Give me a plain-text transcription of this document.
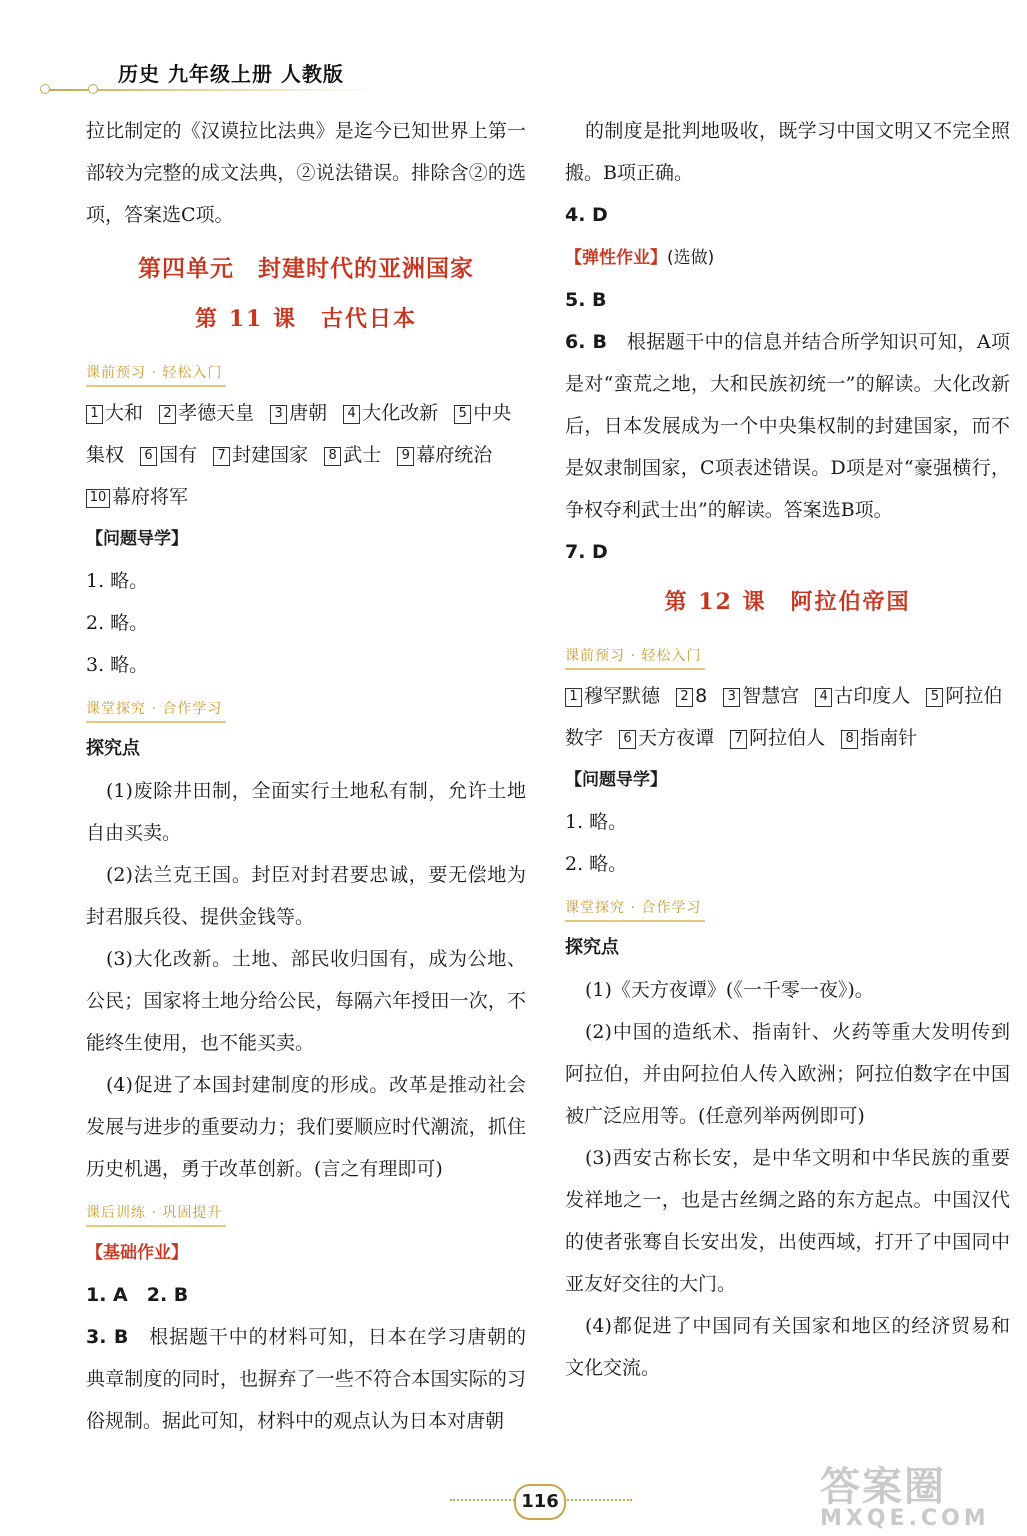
历史 九年级上册 人教版

拉比制定的《汉谟拉比法典》是迄今已知世界上第一部较为完整的成文法典，②说法错误。排除含②的选项，答案选C项。

第四单元　封建时代的亚洲国家
第 11 课　古代日本
课前预习 · 轻松入门
1 大和 2 孝德天皇 3 唐朝 4 大化改新 5 中央集权 6 国有 7 封建国家 8 武士 9 幕府统治 10 幕府将军
【问题导学】

1. 略。

2. 略。

3. 略。

课堂探究 · 合作学习
探究点

(1)废除井田制，全面实行土地私有制，允许土地自由买卖。

(2)法兰克王国。封臣对封君要忠诚，要无偿地为封君服兵役、提供金钱等。

(3)大化改新。土地、部民收归国有，成为公地、公民；国家将土地分给公民，每隔六年授田一次，不能终生使用，也不能买卖。

(4)促进了本国封建制度的形成。改革是推动社会发展与进步的重要动力；我们要顺应时代潮流，抓住历史机遇，勇于改革创新。(言之有理即可)

课后训练 · 巩固提升
【基础作业】

1. A　2. B

3. B　 根据题干中的材料可知，日本在学习唐朝的典章制度的同时，也摒弃了一些不符合本国实际的习俗规制。据此可知，材料中的观点认为日本对唐朝

的制度是批判地吸收，既学习中国文明又不完全照搬。B项正确。

4. D

【弹性作业】(选做)

5. B

6. B　 根据题干中的信息并结合所学知识可知，A项是对“蛮荒之地，大和民族初统一”的解读。大化改新后，日本发展成为一个中央集权制的封建国家，而不是奴隶制国家，C项表述错误。D项是对“豪强横行，争权夺利武士出”的解读。答案选B项。

7. D

第 12 课　阿拉伯帝国
课前预习 · 轻松入门
1 穆罕默德 2 8 3 智慧宫 4 古印度人 5 阿拉伯数字 6 天方夜谭 7 阿拉伯人 8 指南针
【问题导学】

1. 略。

2. 略。

课堂探究 · 合作学习
探究点

(1)《天方夜谭》(《一千零一夜》)。

(2)中国的造纸术、指南针、火药等重大发明传到阿拉伯，并由阿拉伯人传入欧洲；阿拉伯数字在中国被广泛应用等。(任意列举两例即可)

(3)西安古称长安，是中华文明和中华民族的重要发祥地之一，也是古丝绸之路的东方起点。中国汉代的使者张骞自长安出发，出使西域，打开了中国同中亚友好交往的大门。

(4)都促进了中国同有关国家和地区的经济贸易和文化交流。

116	答案圈
MXQE.COM
